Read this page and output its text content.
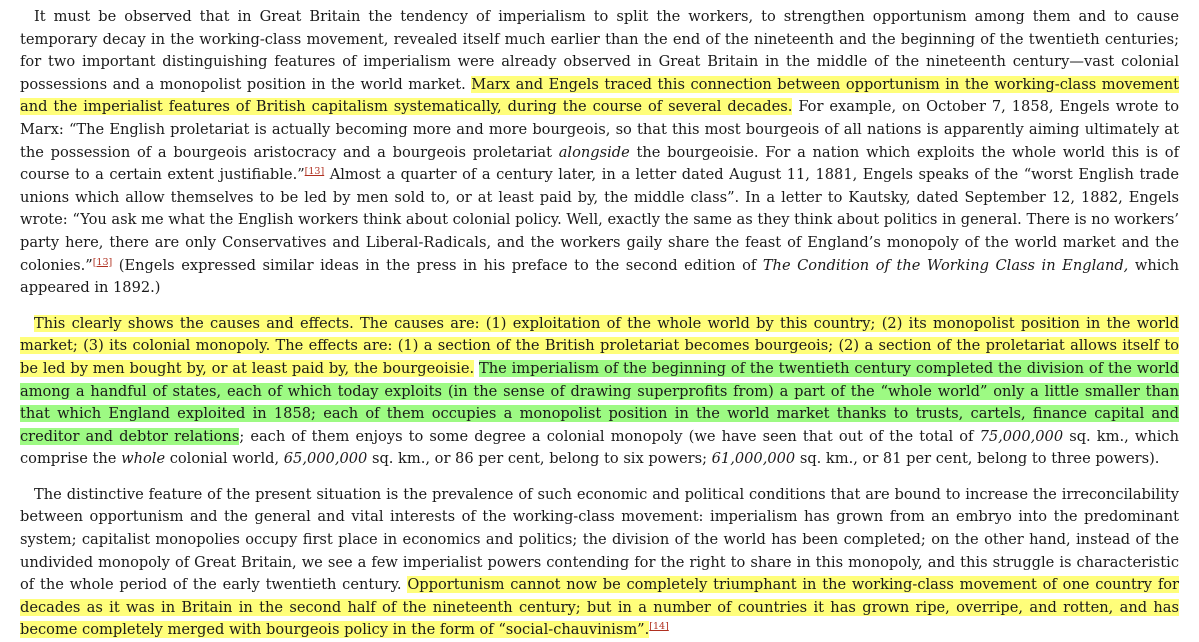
It must be observed that in Great Britain the tendency of imperialism to split the workers, to strengthen opportunism among them and to cause temporary decay in the working-class movement, revealed itself much earlier than the end of the nineteenth and the beginning of the twentieth centuries; for two important distinguishing features of imperialism were already observed in Great Britain in the middle of the nineteenth century—vast colonial possessions and a monopolist position in the world market. Marx and Engels traced this connection between opportunism in the working-class movement and the imperialist features of British capitalism systematically, during the course of several decades. For example, on October 7, 1858, Engels wrote to Marx: “The English proletariat is actually becoming more and more bourgeois, so that this most bourgeois of all nations is apparently aiming ultimately at the possession of a bourgeois aristocracy and a bourgeois proletariat alongside the bourgeoisie. For a nation which exploits the whole world this is of course to a certain extent justifiable.”[13] Almost a quarter of a century later, in a letter dated August 11, 1881, Engels speaks of the “worst English trade unions which allow themselves to be led by men sold to, or at least paid by, the middle class”. In a letter to Kautsky, dated September 12, 1882, Engels wrote: “You ask me what the English workers think about colonial policy. Well, exactly the same as they think about politics in general. There is no workers’ party here, there are only Conservatives and Liberal-Radicals, and the workers gaily share the feast of England’s monopoly of the world market and the colonies.”[13] (Engels expressed similar ideas in the press in his preface to the second edition of The Condition of the Working Class in England, which appeared in 1892.)

This clearly shows the causes and effects. The causes are: (1) exploitation of the whole world by this country; (2) its monopolist position in the world market; (3) its colonial monopoly. The effects are: (1) a section of the British proletariat becomes bourgeois; (2) a section of the proletariat allows itself to be led by men bought by, or at least paid by, the bourgeoisie. The imperialism of the beginning of the twentieth century completed the division of the world among a handful of states, each of which today exploits (in the sense of drawing superprofits from) a part of the “whole world” only a little smaller than that which England exploited in 1858; each of them occupies a monopolist position in the world market thanks to trusts, cartels, finance capital and creditor and debtor relations; each of them enjoys to some degree a colonial monopoly (we have seen that out of the total of 75,000,000 sq. km., which comprise the whole colonial world, 65,000,000 sq. km., or 86 per cent, belong to six powers; 61,000,000 sq. km., or 81 per cent, belong to three powers).

The distinctive feature of the present situation is the prevalence of such economic and political conditions that are bound to increase the irreconcilability between opportunism and the general and vital interests of the working-class movement: imperialism has grown from an embryo into the predominant system; capitalist monopolies occupy first place in economics and politics; the division of the world has been completed; on the other hand, instead of the undivided monopoly of Great Britain, we see a few imperialist powers contending for the right to share in this monopoly, and this struggle is characteristic of the whole period of the early twentieth century. Opportunism cannot now be completely triumphant in the working-class movement of one country for decades as it was in Britain in the second half of the nineteenth century; but in a number of countries it has grown ripe, overripe, and rotten, and has become completely merged with bourgeois policy in the form of “social-chauvinism”.[14]
